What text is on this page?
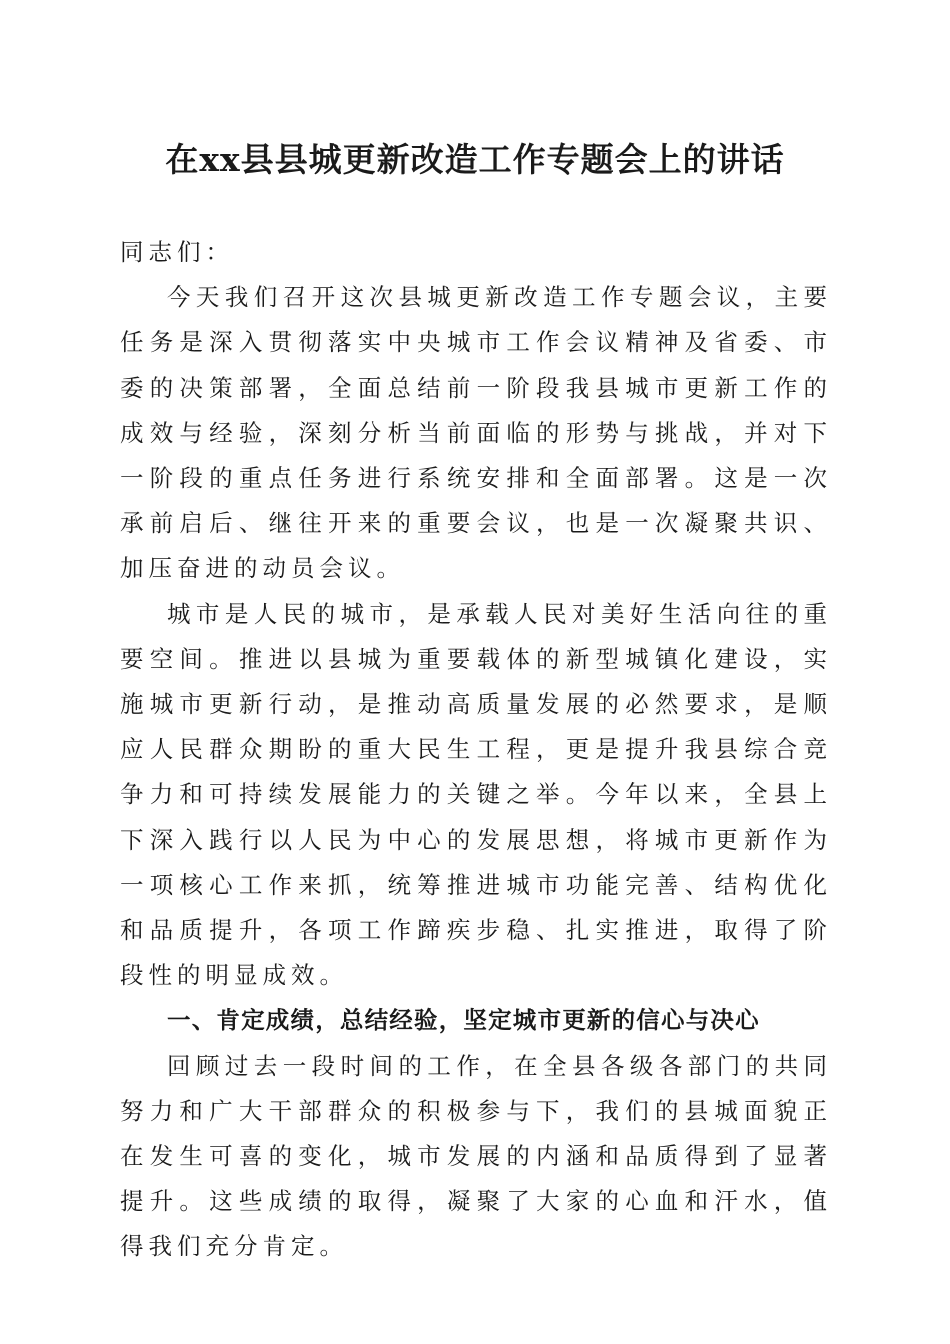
在xx县县城更新改造工作专题会上的讲话

同志们：

今天我们召开这次县城更新改造工作专题会议，主要任务是深入贯彻落实中央城市工作会议精神及省委、市委的决策部署，全面总结前一阶段我县城市更新工作的成效与经验，深刻分析当前面临的形势与挑战，并对下一阶段的重点任务进行系统安排和全面部署。这是一次承前启后、继往开来的重要会议，也是一次凝聚共识、加压奋进的动员会议。

城市是人民的城市，是承载人民对美好生活向往的重要空间。推进以县城为重要载体的新型城镇化建设，实施城市更新行动，是推动高质量发展的必然要求，是顺应人民群众期盼的重大民生工程，更是提升我县综合竞争力和可持续发展能力的关键之举。今年以来，全县上下深入践行以人民为中心的发展思想，将城市更新作为一项核心工作来抓，统筹推进城市功能完善、结构优化和品质提升，各项工作蹄疾步稳、扎实推进，取得了阶段性的明显成效。

一、肯定成绩，总结经验，坚定城市更新的信心与决心

回顾过去一段时间的工作，在全县各级各部门的共同努力和广大干部群众的积极参与下，我们的县城面貌正在发生可喜的变化，城市发展的内涵和品质得到了显著提升。这些成绩的取得，凝聚了大家的心血和汗水，值得我们充分肯定。
